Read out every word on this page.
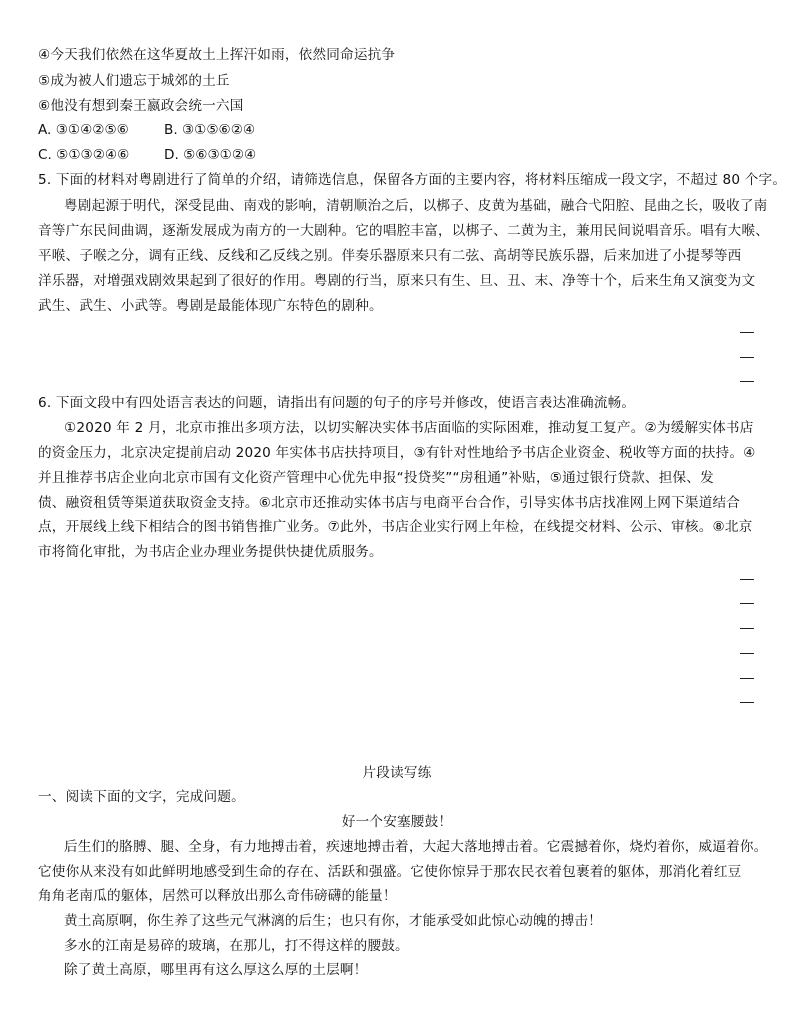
④今天我们依然在这华夏故土上挥汗如雨，依然同命运抗争
⑤成为被人们遗忘于城郊的土丘
⑥他没有想到秦王嬴政会统一六国
A. ③①④②⑤⑥	B. ③①⑤⑥②④
C. ⑤①③②④⑥	D. ⑤⑥③①②④
5. 下面的材料对粤剧进行了简单的介绍，请筛选信息，保留各方面的主要内容，将材料压缩成一段文字，不超过 80 个字。
粤剧起源于明代，深受昆曲、南戏的影响，清朝顺治之后，以梆子、皮黄为基础，融合弋阳腔、昆曲之长，吸收了南
音等广东民间曲调，逐渐发展成为南方的一大剧种。它的唱腔丰富，以梆子、二黄为主，兼用民间说唱音乐。唱有大喉、
平喉、子喉之分，调有正线、反线和乙反线之别。伴奏乐器原来只有二弦、高胡等民族乐器，后来加进了小提琴等西
洋乐器，对增强戏剧效果起到了很好的作用。粤剧的行当，原来只有生、旦、丑、末、净等十个，后来生角又演变为文
武生、武生、小武等。粤剧是最能体现广东特色的剧种。
6. 下面文段中有四处语言表达的问题，请指出有问题的句子的序号并修改，使语言表达准确流畅。
①2020 年 2 月，北京市推出多项方法，以切实解决实体书店面临的实际困难，推动复工复产。②为缓解实体书店
的资金压力，北京决定提前启动 2020 年实体书店扶持项目，③有针对性地给予书店企业资金、税收等方面的扶持。④
并且推荐书店企业向北京市国有文化资产管理中心优先申报“投贷奖”“房租通”补贴，⑤通过银行贷款、担保、发
债、融资租赁等渠道获取资金支持。⑥北京市还推动实体书店与电商平台合作，引导实体书店找准网上网下渠道结合
点，开展线上线下相结合的图书销售推广业务。⑦此外，书店企业实行网上年检，在线提交材料、公示、审核。⑧北京
市将简化审批，为书店企业办理业务提供快捷优质服务。
片段读写练
一、阅读下面的文字，完成问题。
好一个安塞腰鼓！
后生们的胳膊、腿、全身，有力地搏击着，疾速地搏击着，大起大落地搏击着。它震撼着你，烧灼着你，威逼着你。
它使你从来没有如此鲜明地感受到生命的存在、活跃和强盛。它使你惊异于那农民衣着包裹着的躯体，那消化着红豆
角角老南瓜的躯体，居然可以释放出那么奇伟磅礴的能量！
黄土高原啊，你生养了这些元气淋漓的后生；也只有你，才能承受如此惊心动魄的搏击！
多水的江南是易碎的玻璃，在那儿，打不得这样的腰鼓。
除了黄土高原，哪里再有这么厚这么厚的土层啊！
